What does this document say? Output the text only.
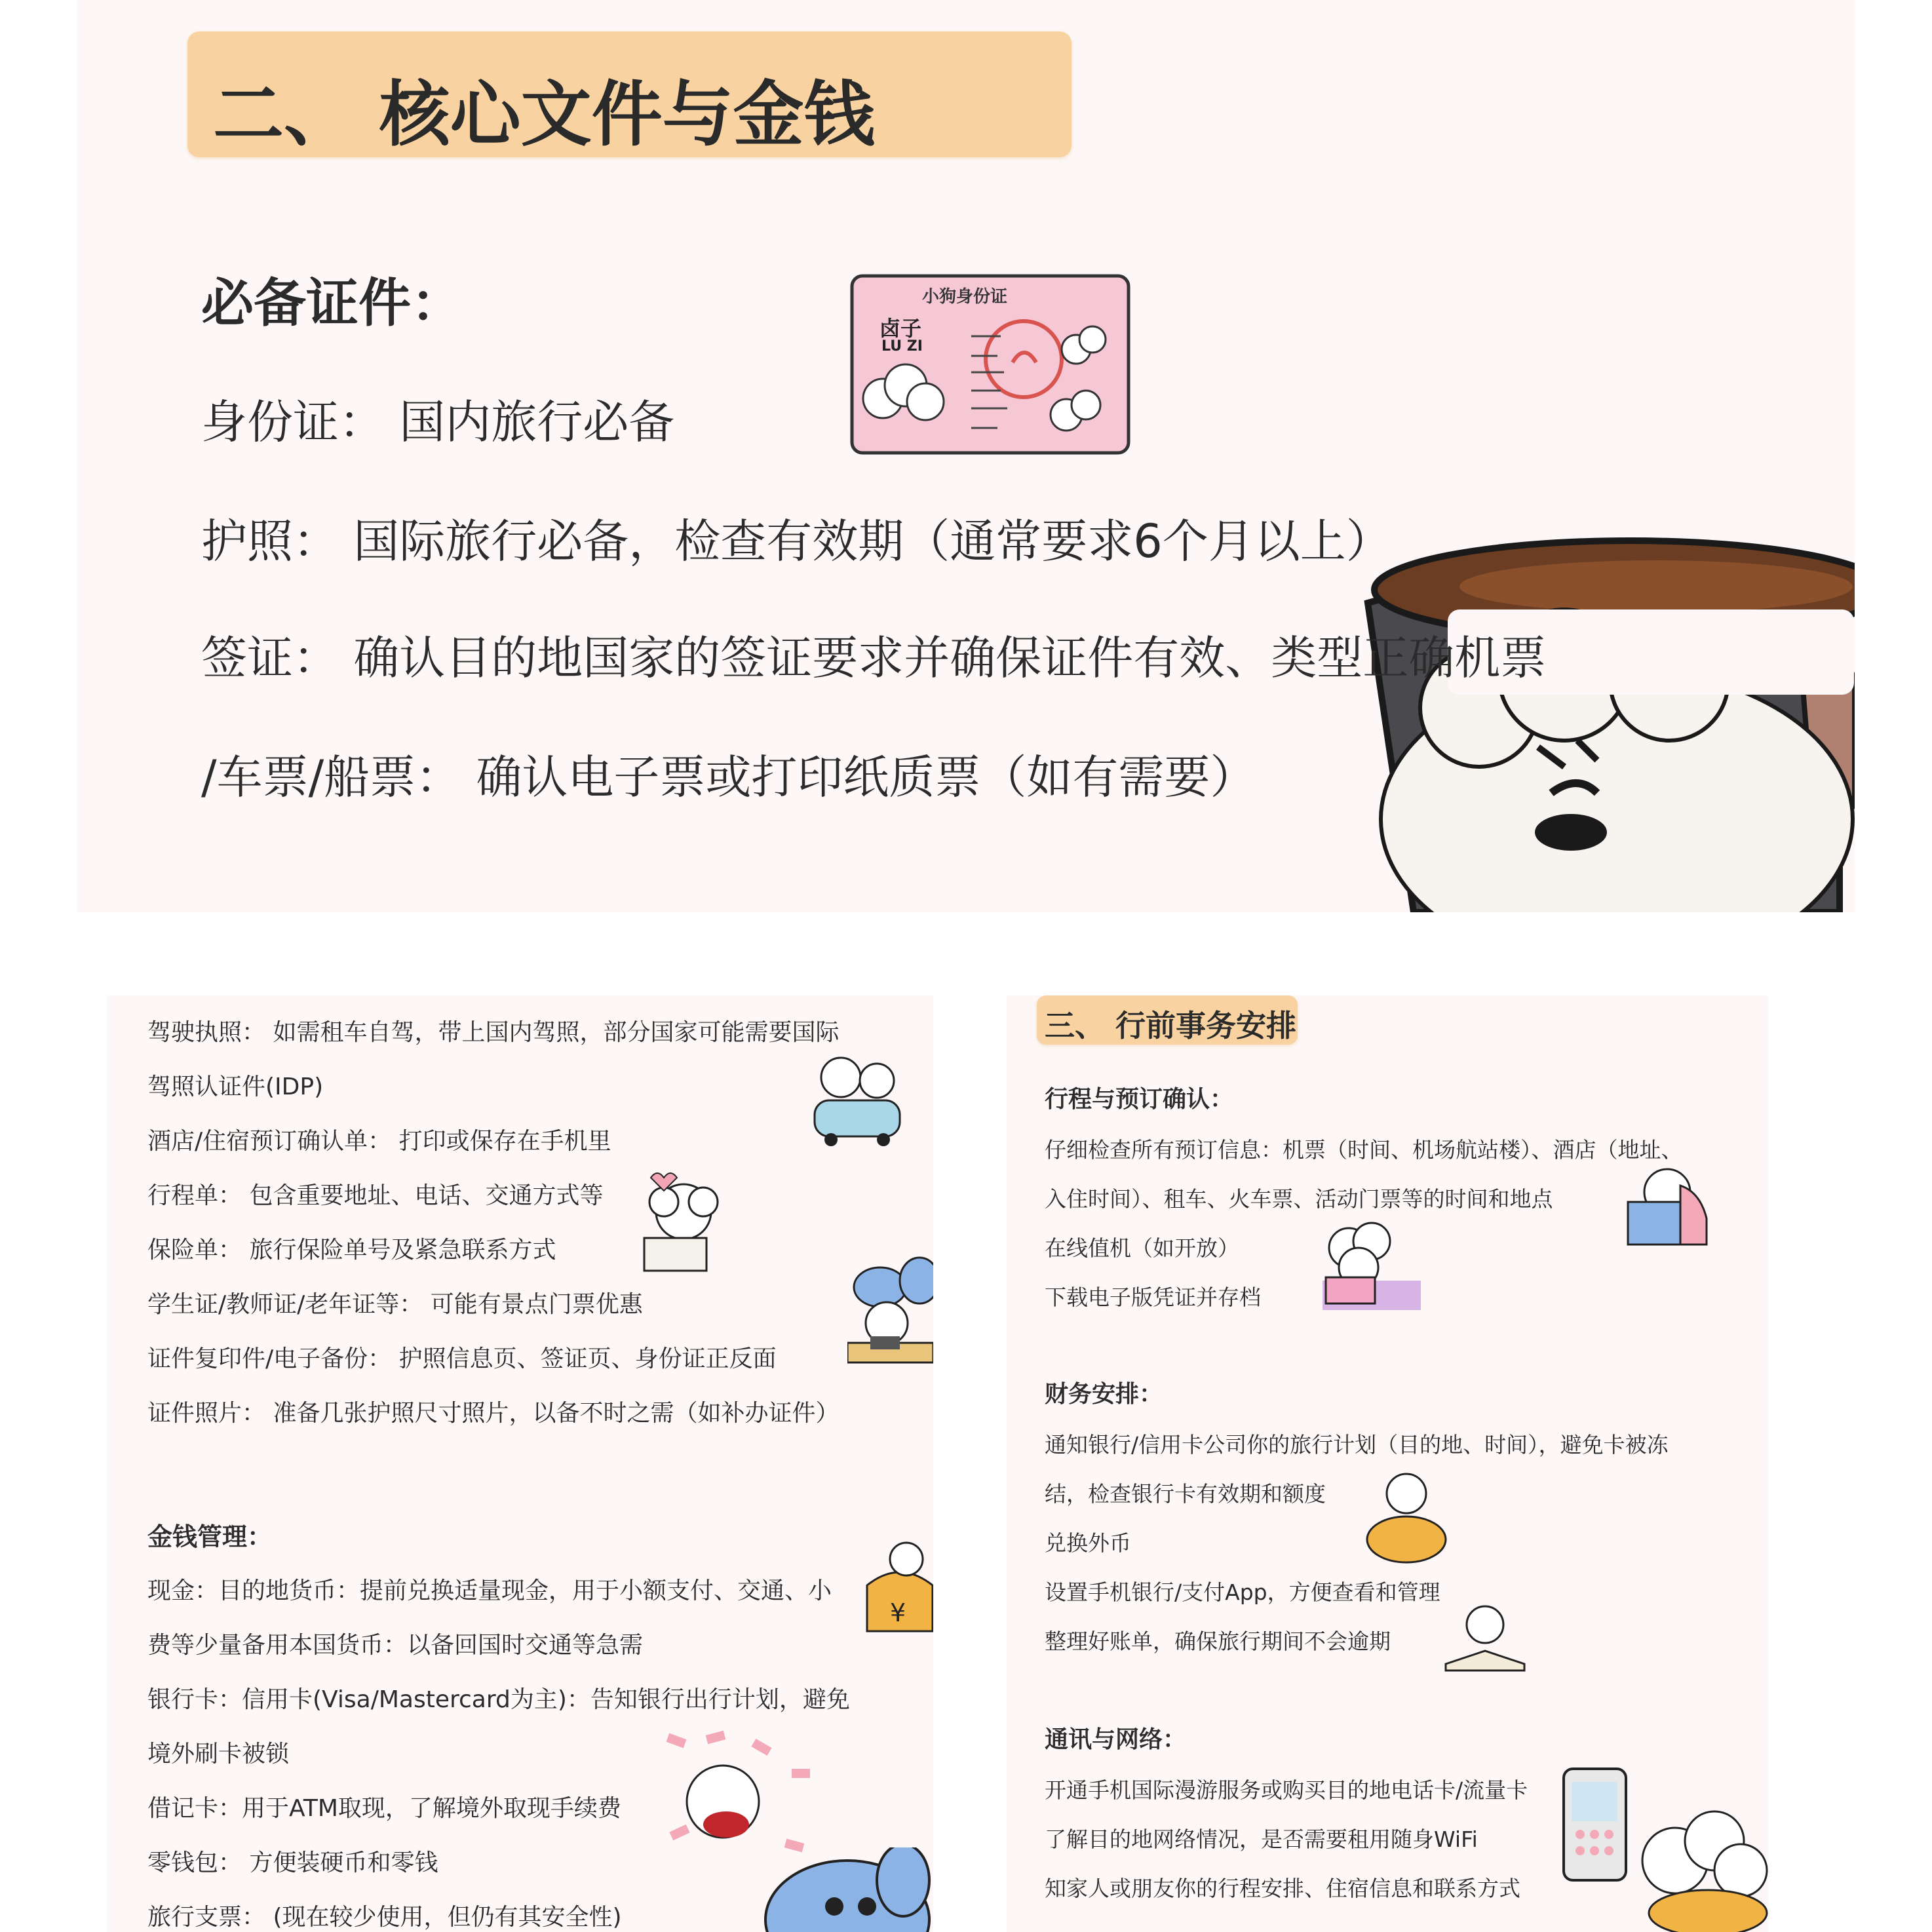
二、 核心文件与金钱
必备证件：	小狗身份证
卤子
LU ZI
身份证： 国内旅行必备
护照： 国际旅行必备，检查有效期（通常要求6个月以上）
签证： 确认目的地国家的签证要求并确保证件有效、类型正确机票
/车票/船票： 确认电子票或打印纸质票（如有需要）
驾驶执照： 如需租车自驾，带上国内驾照，部分国家可能需要国际
驾照认证件(IDP)
酒店/住宿预订确认单： 打印或保存在手机里
行程单： 包含重要地址、电话、交通方式等
保险单： 旅行保险单号及紧急联系方式
学生证/教师证/老年证等： 可能有景点门票优惠
证件复印件/电子备份： 护照信息页、签证页、身份证正反面
证件照片： 准备几张护照尺寸照片，以备不时之需（如补办证件）
金钱管理：
现金：目的地货币：提前兑换适量现金，用于小额支付、交通、小
费等少量备用本国货币：以备回国时交通等急需
银行卡：信用卡(Visa/Mastercard为主)：告知银行出行计划，避免
境外刷卡被锁
借记卡：用于ATM取现，了解境外取现手续费
零钱包： 方便装硬币和零钱
旅行支票： (现在较少使用，但仍有其安全性)
¥
三、 行前事务安排
行程与预订确认：
仔细检查所有预订信息：机票（时间、机场航站楼）、酒店（地址、
入住时间）、租车、火车票、活动门票等的时间和地点
在线值机（如开放）
下载电子版凭证并存档
财务安排：
通知银行/信用卡公司你的旅行计划（目的地、时间），避免卡被冻
结，检查银行卡有效期和额度
兑换外币
设置手机银行/支付App，方便查看和管理
整理好账单，确保旅行期间不会逾期
通讯与网络：
开通手机国际漫游服务或购买目的地电话卡/流量卡
了解目的地网络情况，是否需要租用随身WiFi
知家人或朋友你的行程安排、住宿信息和联系方式
